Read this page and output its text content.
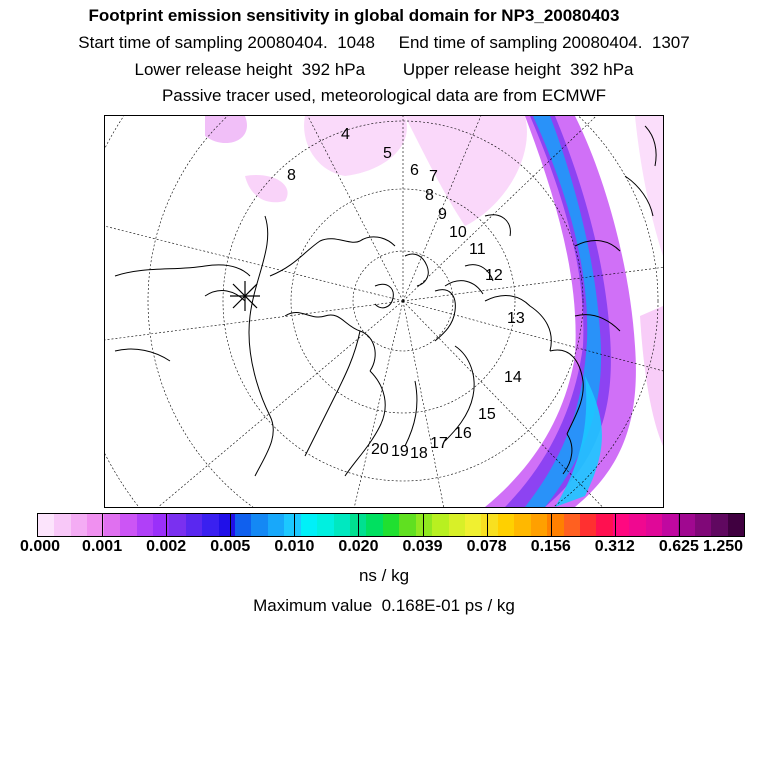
Footprint emission sensitivity in global domain for NP3_20080403
Start time of sampling 20080404.  1048     End time of sampling 20080404.  1307
Lower release height  392 hPa        Upper release height  392 hPa
Passive tracer used, meteorological data are from ECMWF
4
5
6 7
8
8
9
10
11
12
13
14
15
16
17
18
19
20
0.000 0.001 0.002 0.005 0.010 0.020 0.039 0.078 0.156 0.312 0.625 1.250
ns / kg
Maximum value  0.168E-01 ps / kg
